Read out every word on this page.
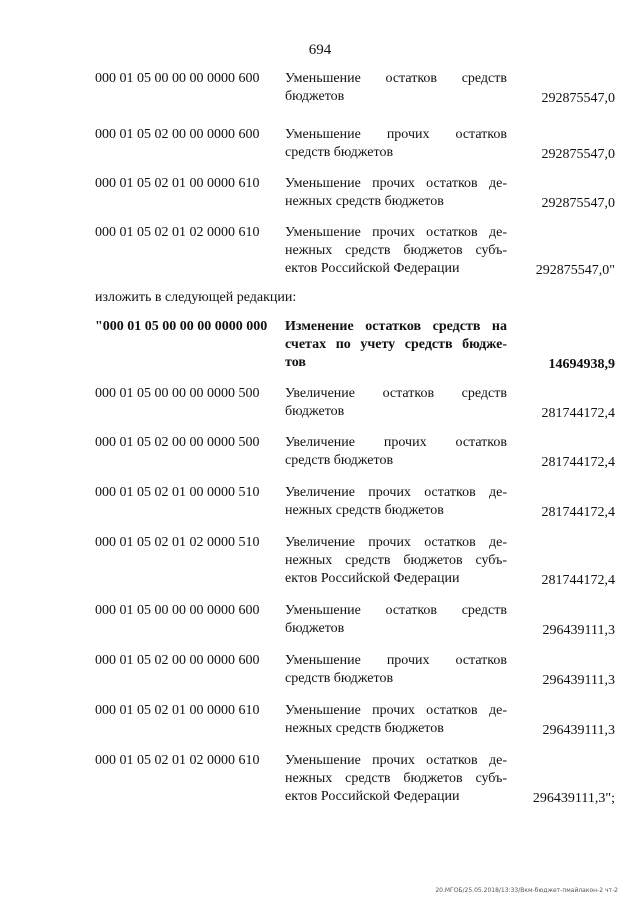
694
000 01 05 00 00 00 0000 600	Уменьшение остатков средств
бюджетов	292875547,0
000 01 05 02 00 00 0000 600	Уменьшение прочих остатков
средств бюджетов	292875547,0
000 01 05 02 01 00 0000 610	Уменьшение прочих остатков де-
нежных средств бюджетов	292875547,0
000 01 05 02 01 02 0000 610	Уменьшение прочих остатков де-
нежных средств бюджетов субъ-
ектов Российской Федерации	292875547,0"
изложить в следующей редакции:
"000 01 05 00 00 00 0000 000	Изменение остатков средств на
счетах по учету средств бюдже-
тов	14694938,9
000 01 05 00 00 00 0000 500	Увеличение остатков средств
бюджетов	281744172,4
000 01 05 02 00 00 0000 500	Увеличение прочих остатков
средств бюджетов	281744172,4
000 01 05 02 01 00 0000 510	Увеличение прочих остатков де-
нежных средств бюджетов	281744172,4
000 01 05 02 01 02 0000 510	Увеличение прочих остатков де-
нежных средств бюджетов субъ-
ектов Российской Федерации	281744172,4
000 01 05 00 00 00 0000 600	Уменьшение остатков средств
бюджетов	296439111,3
000 01 05 02 00 00 0000 600	Уменьшение прочих остатков
средств бюджетов	296439111,3
000 01 05 02 01 00 0000 610	Уменьшение прочих остатков де-
нежных средств бюджетов	296439111,3
000 01 05 02 01 02 0000 610	Уменьшение прочих остатков де-
нежных средств бюджетов субъ-
ектов Российской Федерации	296439111,3";
20.МГОБ/25.05.2018/13:33/Вкм-бюджет-пмайлакон-2 чт-2
